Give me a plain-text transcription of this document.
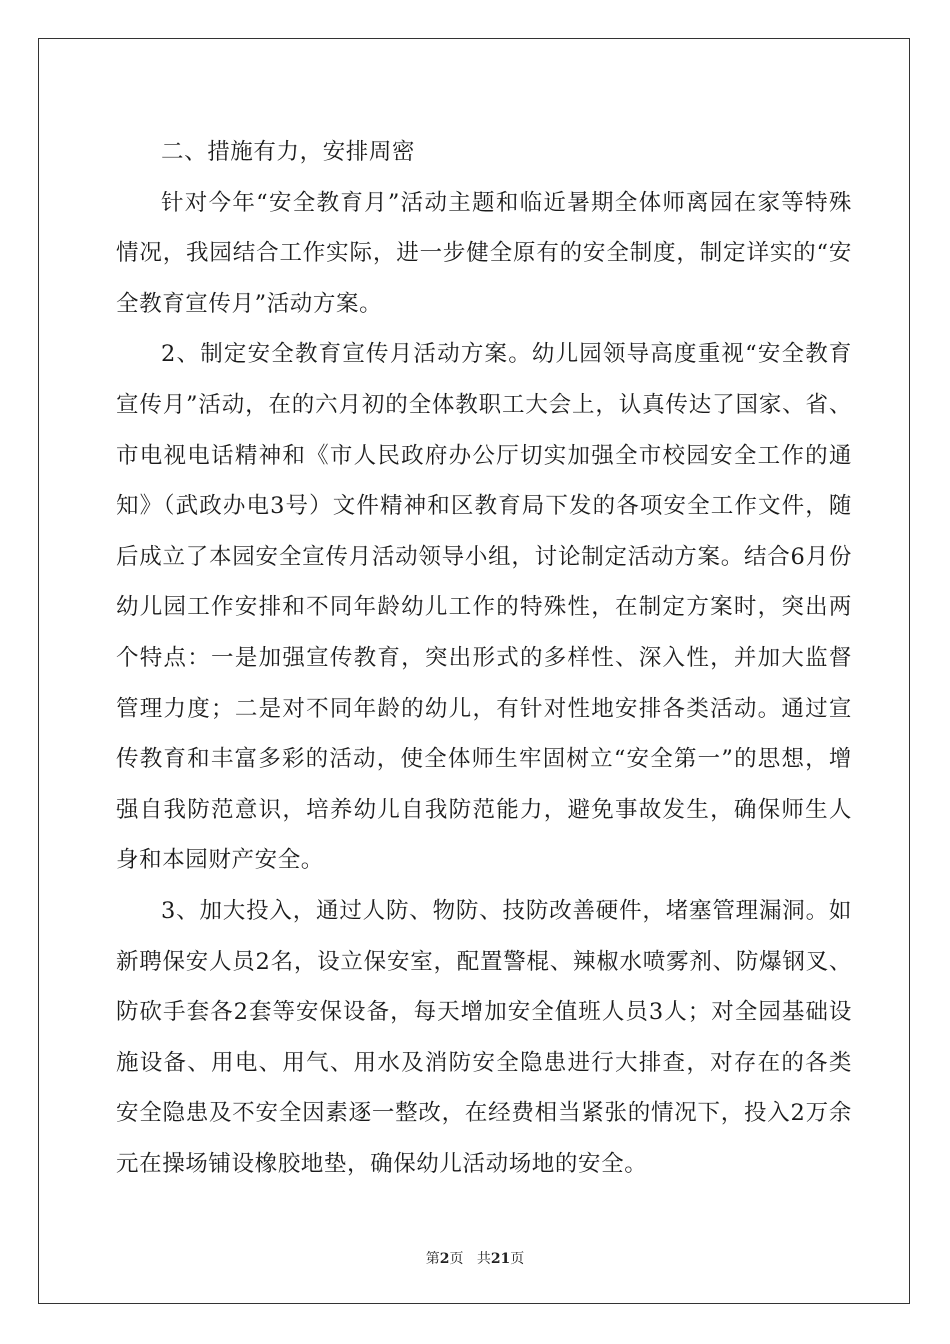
二、措施有力，安排周密

针对今年“安全教育月”活动主题和临近暑期全体师离园在家等特殊情况，我园结合工作实际，进一步健全原有的安全制度，制定详实的“安全教育宣传月”活动方案。

2、制定安全教育宣传月活动方案。幼儿园领导高度重视“安全教育宣传月”活动，在的六月初的全体教职工大会上，认真传达了国家、省、市电视电话精神和《市人民政府办公厅切实加强全市校园安全工作的通知》（武政办电3号）文件精神和区教育局下发的各项安全工作文件，随后成立了本园安全宣传月活动领导小组，讨论制定活动方案。结合6月份幼儿园工作安排和不同年龄幼儿工作的特殊性，在制定方案时，突出两个特点：一是加强宣传教育，突出形式的多样性、深入性，并加大监督管理力度；二是对不同年龄的幼儿，有针对性地安排各类活动。通过宣传教育和丰富多彩的活动，使全体师生牢固树立“安全第一”的思想，增强自我防范意识，培养幼儿自我防范能力，避免事故发生，确保师生人身和本园财产安全。

3、加大投入，通过人防、物防、技防改善硬件，堵塞管理漏洞。如新聘保安人员2名，设立保安室，配置警棍、辣椒水喷雾剂、防爆钢叉、防砍手套各2套等安保设备，每天增加安全值班人员3人；对全园基础设施设备、用电、用气、用水及消防安全隐患进行大排查，对存在的各类安全隐患及不安全因素逐一整改，在经费相当紧张的情况下，投入2万余元在操场铺设橡胶地垫，确保幼儿活动场地的安全。

第2页 共21页
